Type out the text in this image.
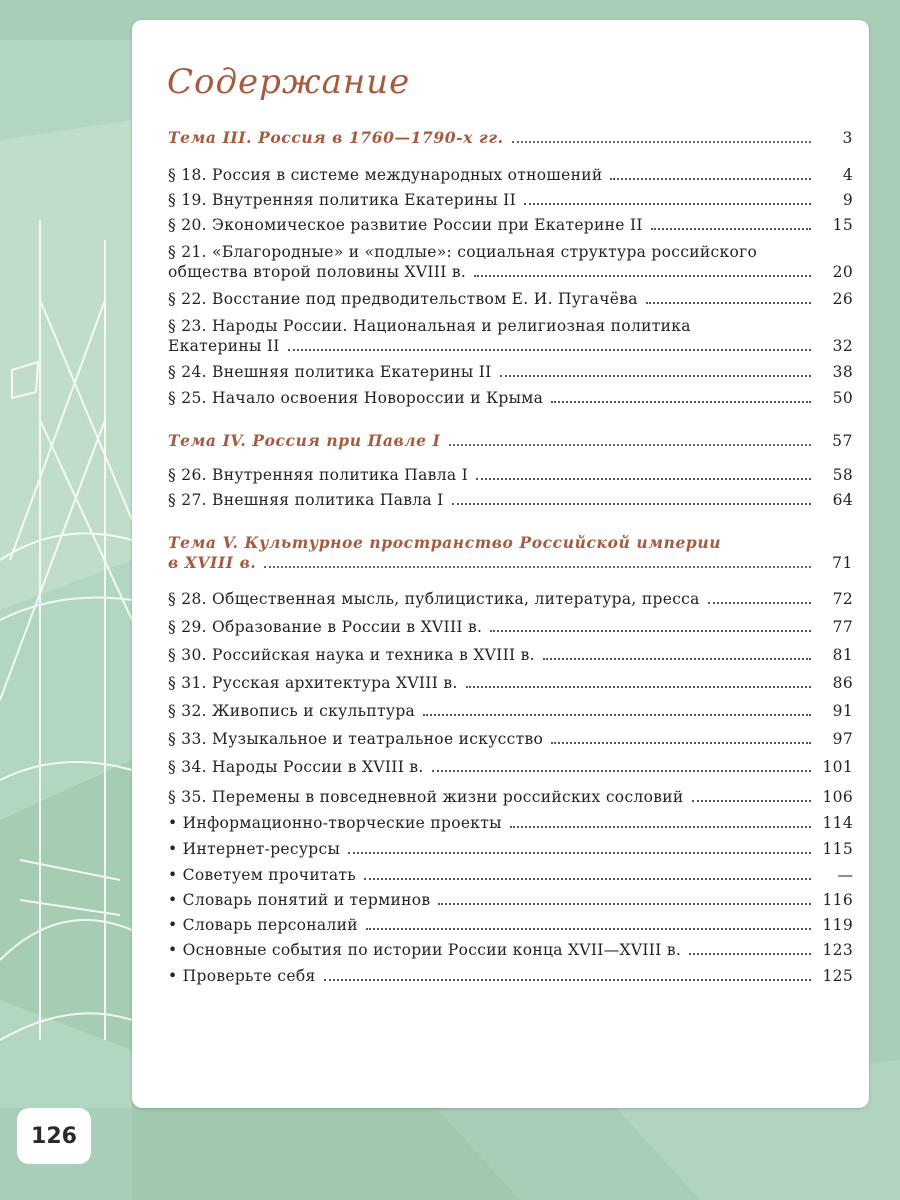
Содержание
Тема III. Россия в 1760—1790-х гг.	3
§ 18. Россия в системе международных отношений	4
§ 19. Внутренняя политика Екатерины II	9
§ 20. Экономическое развитие России при Екатерине II	15
§ 21. «Благородные» и «подлые»: социальная структура российского
общества второй половины XVIII в.	20
§ 22. Восстание под предводительством Е. И. Пугачёва	26
§ 23. Народы России. Национальная и религиозная политика
Екатерины II	32
§ 24. Внешняя политика Екатерины II	38
§ 25. Начало освоения Новороссии и Крыма	50
Тема IV. Россия при Павле I	57
§ 26. Внутренняя политика Павла I	58
§ 27. Внешняя политика Павла I	64
Тема V. Культурное пространство Российской империи
в XVIII в.	71
§ 28. Общественная мысль, публицистика, литература, пресса	72
§ 29. Образование в России в XVIII в.	77
§ 30. Российская наука и техника в XVIII в.	81
§ 31. Русская архитектура XVIII в.	86
§ 32. Живопись и скульптура	91
§ 33. Музыкальное и театральное искусство	97
§ 34. Народы России в XVIII в.	101
§ 35. Перемены в повседневной жизни российских сословий	106
• Информационно-творческие проекты	114
• Интернет-ресурсы	115
• Советуем прочитать	—
• Словарь понятий и терминов	116
• Словарь персоналий	119
• Основные события по истории России конца XVII—XVIII в.	123
• Проверьте себя	125
126
